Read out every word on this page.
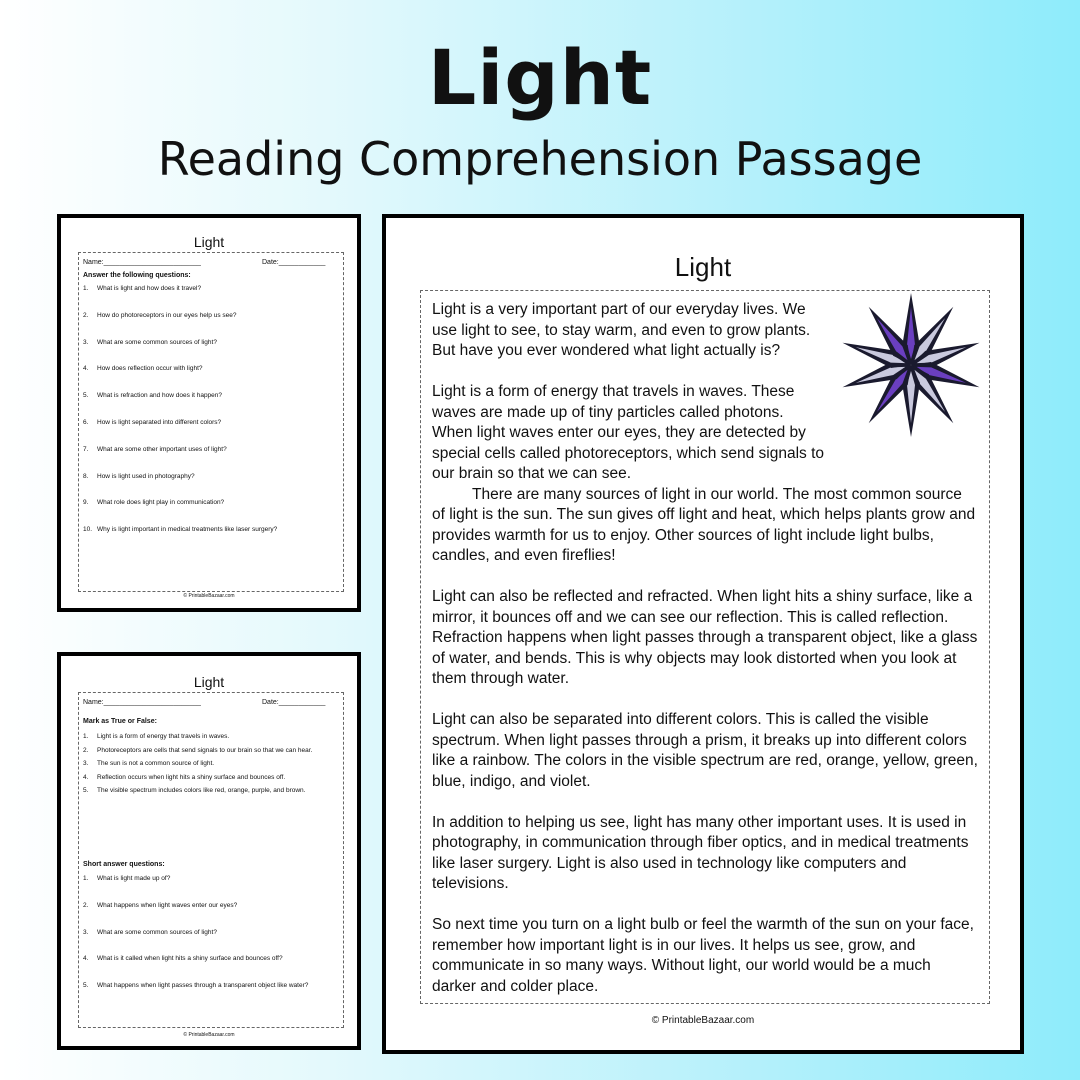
Light
Reading Comprehension Passage
Light
Name:_________________________	Date:____________
Answer the following questions:
1. What is light and how does it travel?
2. How do photoreceptors in our eyes help us see?
3. What are some common sources of light?
4. How does reflection occur with light?
5. What is refraction and how does it happen?
6. How is light separated into different colors?
7. What are some other important uses of light?
8. How is light used in photography?
9. What role does light play in communication?
10. Why is light important in medical treatments like laser surgery?
© PrintableBazaar.com
Light
Name:_________________________	Date:____________
Mark as True or False:
1. Light is a form of energy that travels in waves.
2. Photoreceptors are cells that send signals to our brain so that we can hear.
3. The sun is not a common source of light.
4. Reflection occurs when light hits a shiny surface and bounces off.
5. The visible spectrum includes colors like red, orange, purple, and brown.
Short answer questions:
1. What is light made up of?
2. What happens when light waves enter our eyes?
3. What are some common sources of light?
4. What is it called when light hits a shiny surface and bounces off?
5. What happens when light passes through a transparent object like water?
© PrintableBazaar.com
Light

Light is a very important part of our everyday lives. We use light to see, to stay warm, and even to grow plants. But have you ever wondered what light actually is?

Light is a form of energy that travels in waves. These waves are made up of tiny particles called photons. When light waves enter our eyes, they are detected by special cells called photoreceptors, which send signals to our brain so that we can see.

There are many sources of light in our world. The most common source of light is the sun. The sun gives off light and heat, which helps plants grow and provides warmth for us to enjoy. Other sources of light include light bulbs, candles, and even fireflies!

Light can also be reflected and refracted. When light hits a shiny surface, like a mirror, it bounces off and we can see our reflection. This is called reflection. Refraction happens when light passes through a transparent object, like a glass of water, and bends. This is why objects may look distorted when you look at them through water.

Light can also be separated into different colors. This is called the visible spectrum. When light passes through a prism, it breaks up into different colors like a rainbow. The colors in the visible spectrum are red, orange, yellow, green, blue, indigo, and violet.

In addition to helping us see, light has many other important uses. It is used in photography, in communication through fiber optics, and in medical treatments like laser surgery. Light is also used in technology like computers and televisions.

So next time you turn on a light bulb or feel the warmth of the sun on your face, remember how important light is in our lives. It helps us see, grow, and communicate in so many ways. Without light, our world would be a much darker and colder place.

© PrintableBazaar.com
